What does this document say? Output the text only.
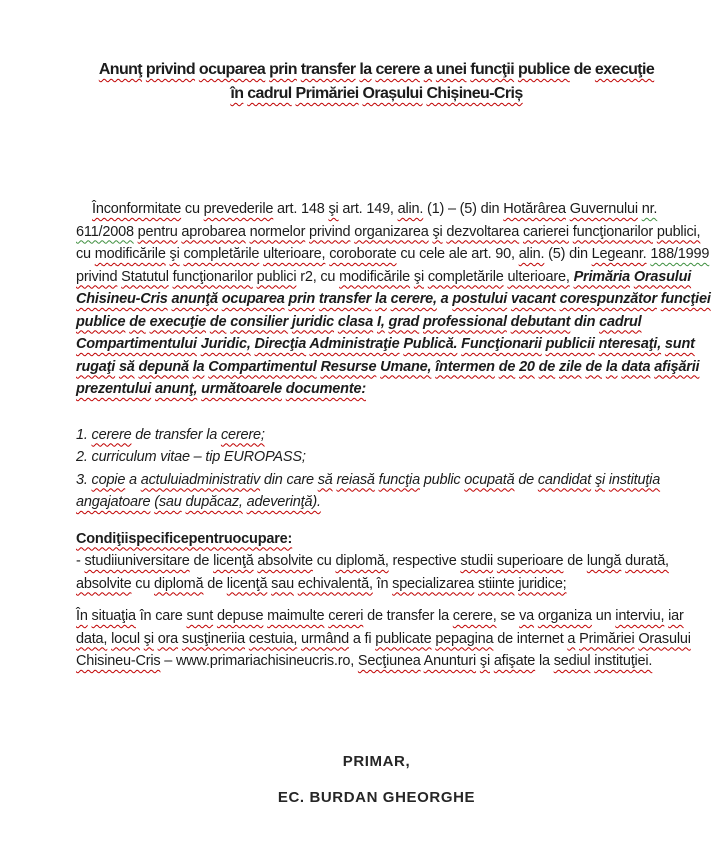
Anunţ privind ocuparea prin transfer la cerere a unei funcţii publice de execuţie
în cadrul Primăriei Orașului Chișineu-Criș
Înconformitate cu prevederile art. 148 şi art. 149, alin. (1) – (5) din Hotărârea Guvernului nr. 611/2008 pentru aprobarea normelor privind organizarea şi dezvoltarea carierei funcţionarilor publici, cu modificările şi completările ulterioare, coroborate cu cele ale art. 90, alin. (5) din Legeanr. 188/1999 privind Statutul funcţionarilor publici r2, cu modificările şi completările ulterioare, Primăria Orasului Chisineu-Cris anunţă ocuparea prin transfer la cerere, a postului vacant corespunzător funcţiei publice de execuţie de consilier juridic clasa I, grad professional debutant din cadrul Compartimentului Juridic, Direcţia Administraţie Publică. Funcţionarii publicii nteresaţi, sunt rugaţi să depună la Compartimentul Resurse Umane, întermen de 20 de zile de la data afişării prezentului anunţ, următoarele documente:
1. cerere de transfer la cerere;
2. curriculum vitae – tip EUROPASS;
3. copie a actuluiadministrativ din care să reiasă funcţia public ocupată de candidat şi instituţia angajatoare (sau dupăcaz, adeverinţă).
Condiţiispecificepentruocupare:
- studiiuniversitare de licenţă absolvite cu diplomă, respective studii superioare de lungă durată, absolvite cu diplomă de licenţă sau echivalentă, în specializarea stiinte juridice;
În situaţia în care sunt depuse maimulte cereri de transfer la cerere, se va organiza un interviu, iar data, locul şi ora susţineriia cestuia, urmând a fi publicate pepagina de internet a Primăriei Orasului Chisineu-Cris – www.primariachisineucris.ro, Secţiunea Anunturi şi afişate la sediul instituţiei.
PRIMAR,
EC. BURDAN GHEORGHE
